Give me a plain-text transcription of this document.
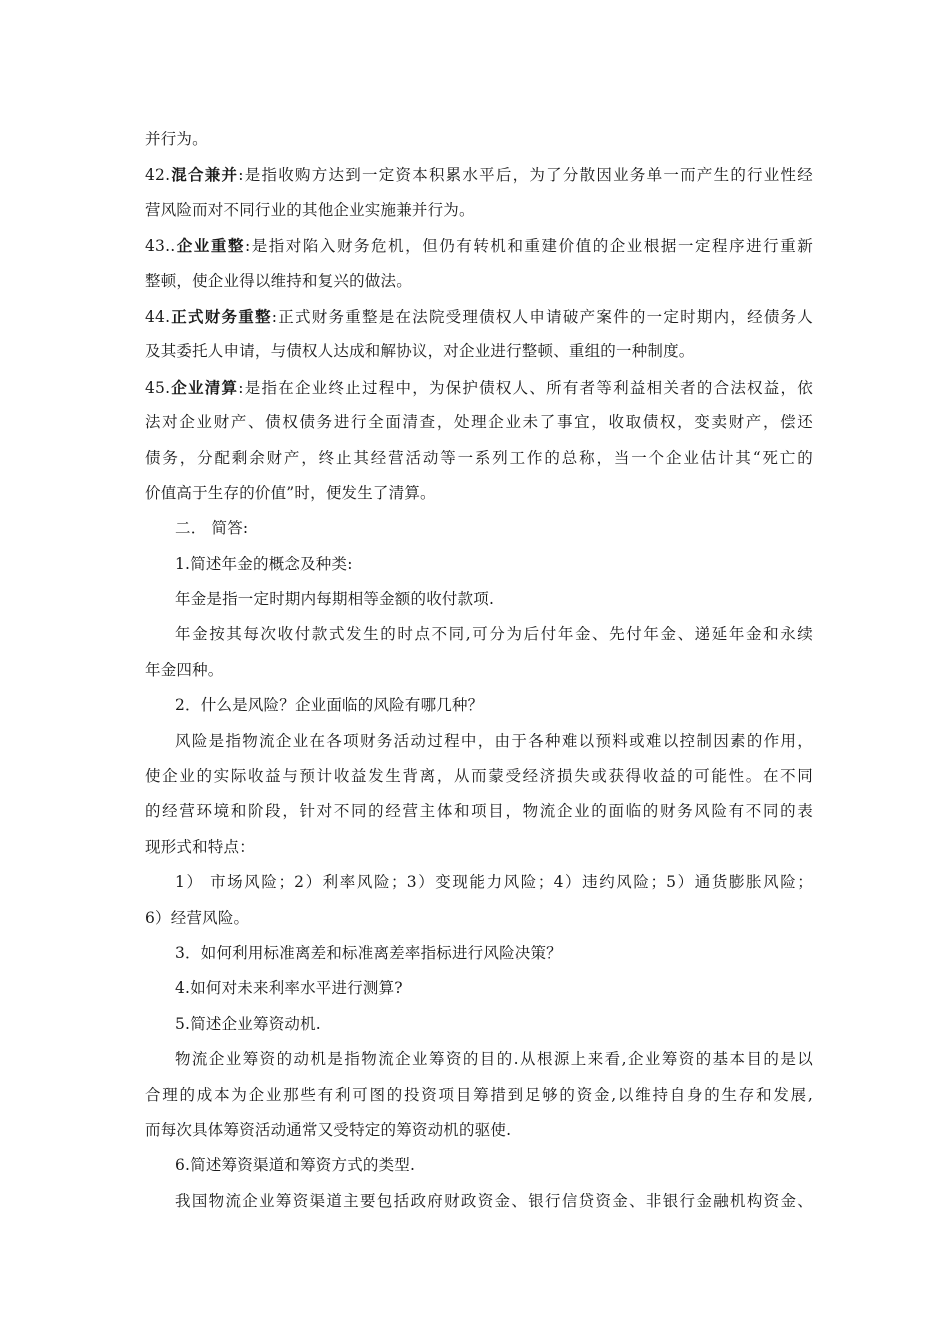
并行为。
42.混合兼并:是指收购方达到一定资本积累水平后，为了分散因业务单一而产生的行业性经
营风险而对不同行业的其他企业实施兼并行为。
43..企业重整:是指对陷入财务危机，但仍有转机和重建价值的企业根据一定程序进行重新
整顿，使企业得以维持和复兴的做法。
44.正式财务重整:正式财务重整是在法院受理债权人申请破产案件的一定时期内，经债务人
及其委托人申请，与债权人达成和解协议，对企业进行整顿、重组的一种制度。
45.企业清算:是指在企业终止过程中，为保护债权人、所有者等利益相关者的合法权益，依
法对企业财产、债权债务进行全面清查，处理企业未了事宜，收取债权，变卖财产，偿还
债务，分配剩余财产，终止其经营活动等一系列工作的总称，当一个企业估计其“死亡的
价值高于生存的价值”时，便发生了清算。
二． 简答:
1.简述年金的概念及种类:
年金是指一定时期内每期相等金额的收付款项.
年金按其每次收付款式发生的时点不同,可分为后付年金、先付年金、递延年金和永续
年金四种。
2．什么是风险？企业面临的风险有哪几种？
风险是指物流企业在各项财务活动过程中，由于各种难以预料或难以控制因素的作用，
使企业的实际收益与预计收益发生背离，从而蒙受经济损失或获得收益的可能性。在不同
的经营环境和阶段，针对不同的经营主体和项目，物流企业的面临的财务风险有不同的表
现形式和特点：
1） 市场风险；2）利率风险；3）变现能力风险；4）违约风险；5）通货膨胀风险；
6）经营风险。
3．如何利用标准离差和标准离差率指标进行风险决策？
4.如何对未来利率水平进行测算?
5.简述企业筹资动机.
物流企业筹资的动机是指物流企业筹资的目的.从根源上来看,企业筹资的基本目的是以
合理的成本为企业那些有利可图的投资项目筹措到足够的资金,以维持自身的生存和发展,
而每次具体筹资活动通常又受特定的筹资动机的驱使.
6.简述筹资渠道和筹资方式的类型.
我国物流企业筹资渠道主要包括政府财政资金、银行信贷资金、非银行金融机构资金、
